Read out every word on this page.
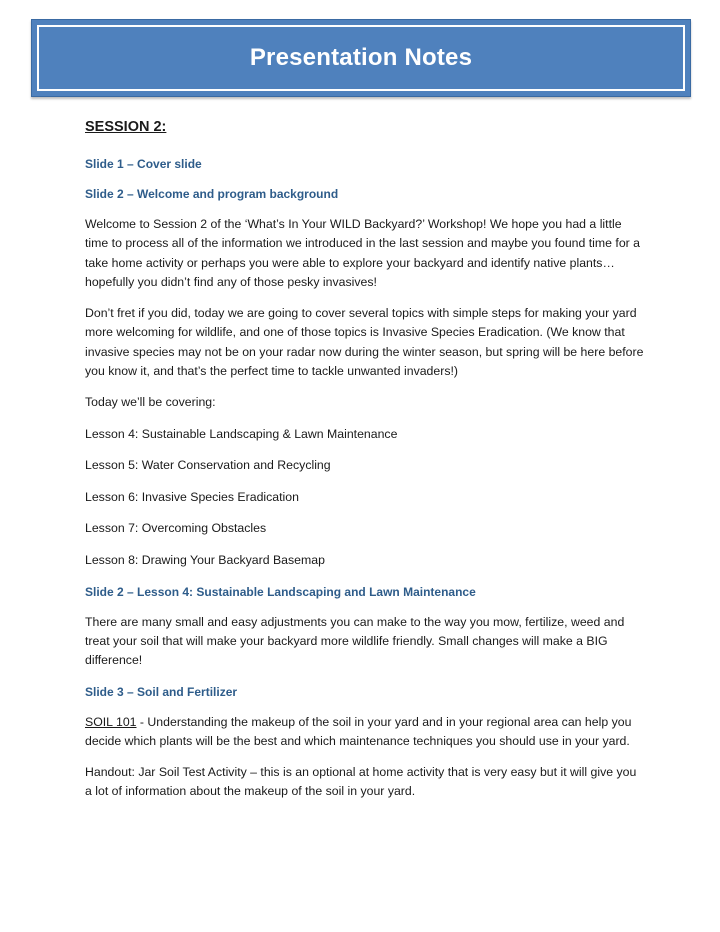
Presentation Notes
SESSION 2:
Slide 1 – Cover slide
Slide 2 – Welcome and program background

Welcome to Session 2 of the ‘What’s In Your WILD Backyard?’ Workshop! We hope you had a little time to process all of the information we introduced in the last session and maybe you found time for a take home activity or perhaps you were able to explore your backyard and identify native plants…hopefully you didn’t find any of those pesky invasives!

Don’t fret if you did, today we are going to cover several topics with simple steps for making your yard more welcoming for wildlife, and one of those topics is Invasive Species Eradication. (We know that invasive species may not be on your radar now during the winter season, but spring will be here before you know it, and that’s the perfect time to tackle unwanted invaders!)

Today we’ll be covering:

Lesson 4: Sustainable Landscaping & Lawn Maintenance

Lesson 5: Water Conservation and Recycling

Lesson 6: Invasive Species Eradication

Lesson 7: Overcoming Obstacles

Lesson 8: Drawing Your Backyard Basemap

Slide 2 – Lesson 4: Sustainable Landscaping and Lawn Maintenance

There are many small and easy adjustments you can make to the way you mow, fertilize, weed and treat your soil that will make your backyard more wildlife friendly. Small changes will make a BIG difference!

Slide 3 – Soil and Fertilizer

SOIL 101 - Understanding the makeup of the soil in your yard and in your regional area can help you decide which plants will be the best and which maintenance techniques you should use in your yard.

Handout: Jar Soil Test Activity – this is an optional at home activity that is very easy but it will give you a lot of information about the makeup of the soil in your yard.
